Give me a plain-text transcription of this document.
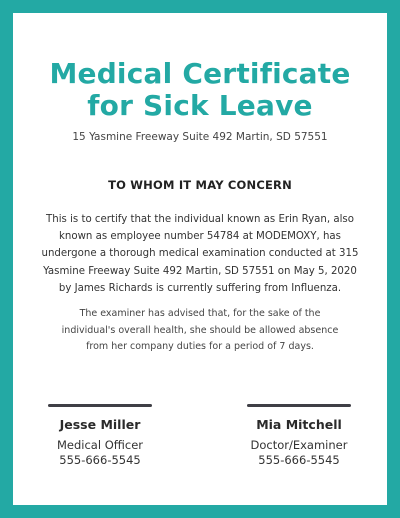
Medical Certificate
for Sick Leave
15 Yasmine Freeway Suite 492 Martin, SD 57551
TO WHOM IT MAY CONCERN
This is to certify that the individual known as Erin Ryan, also known as employee number 54784 at MODEMOXY, has undergone a thorough medical examination conducted at 315 Yasmine Freeway Suite 492 Martin, SD 57551 on May 5, 2020 by James Richards is currently suffering from Influenza.
The examiner has advised that, for the sake of the individual's overall health, she should be allowed absence from her company duties for a period of 7 days.
Jesse Miller
Medical Officer
555-666-5545
Mia Mitchell
Doctor/Examiner
555-666-5545
